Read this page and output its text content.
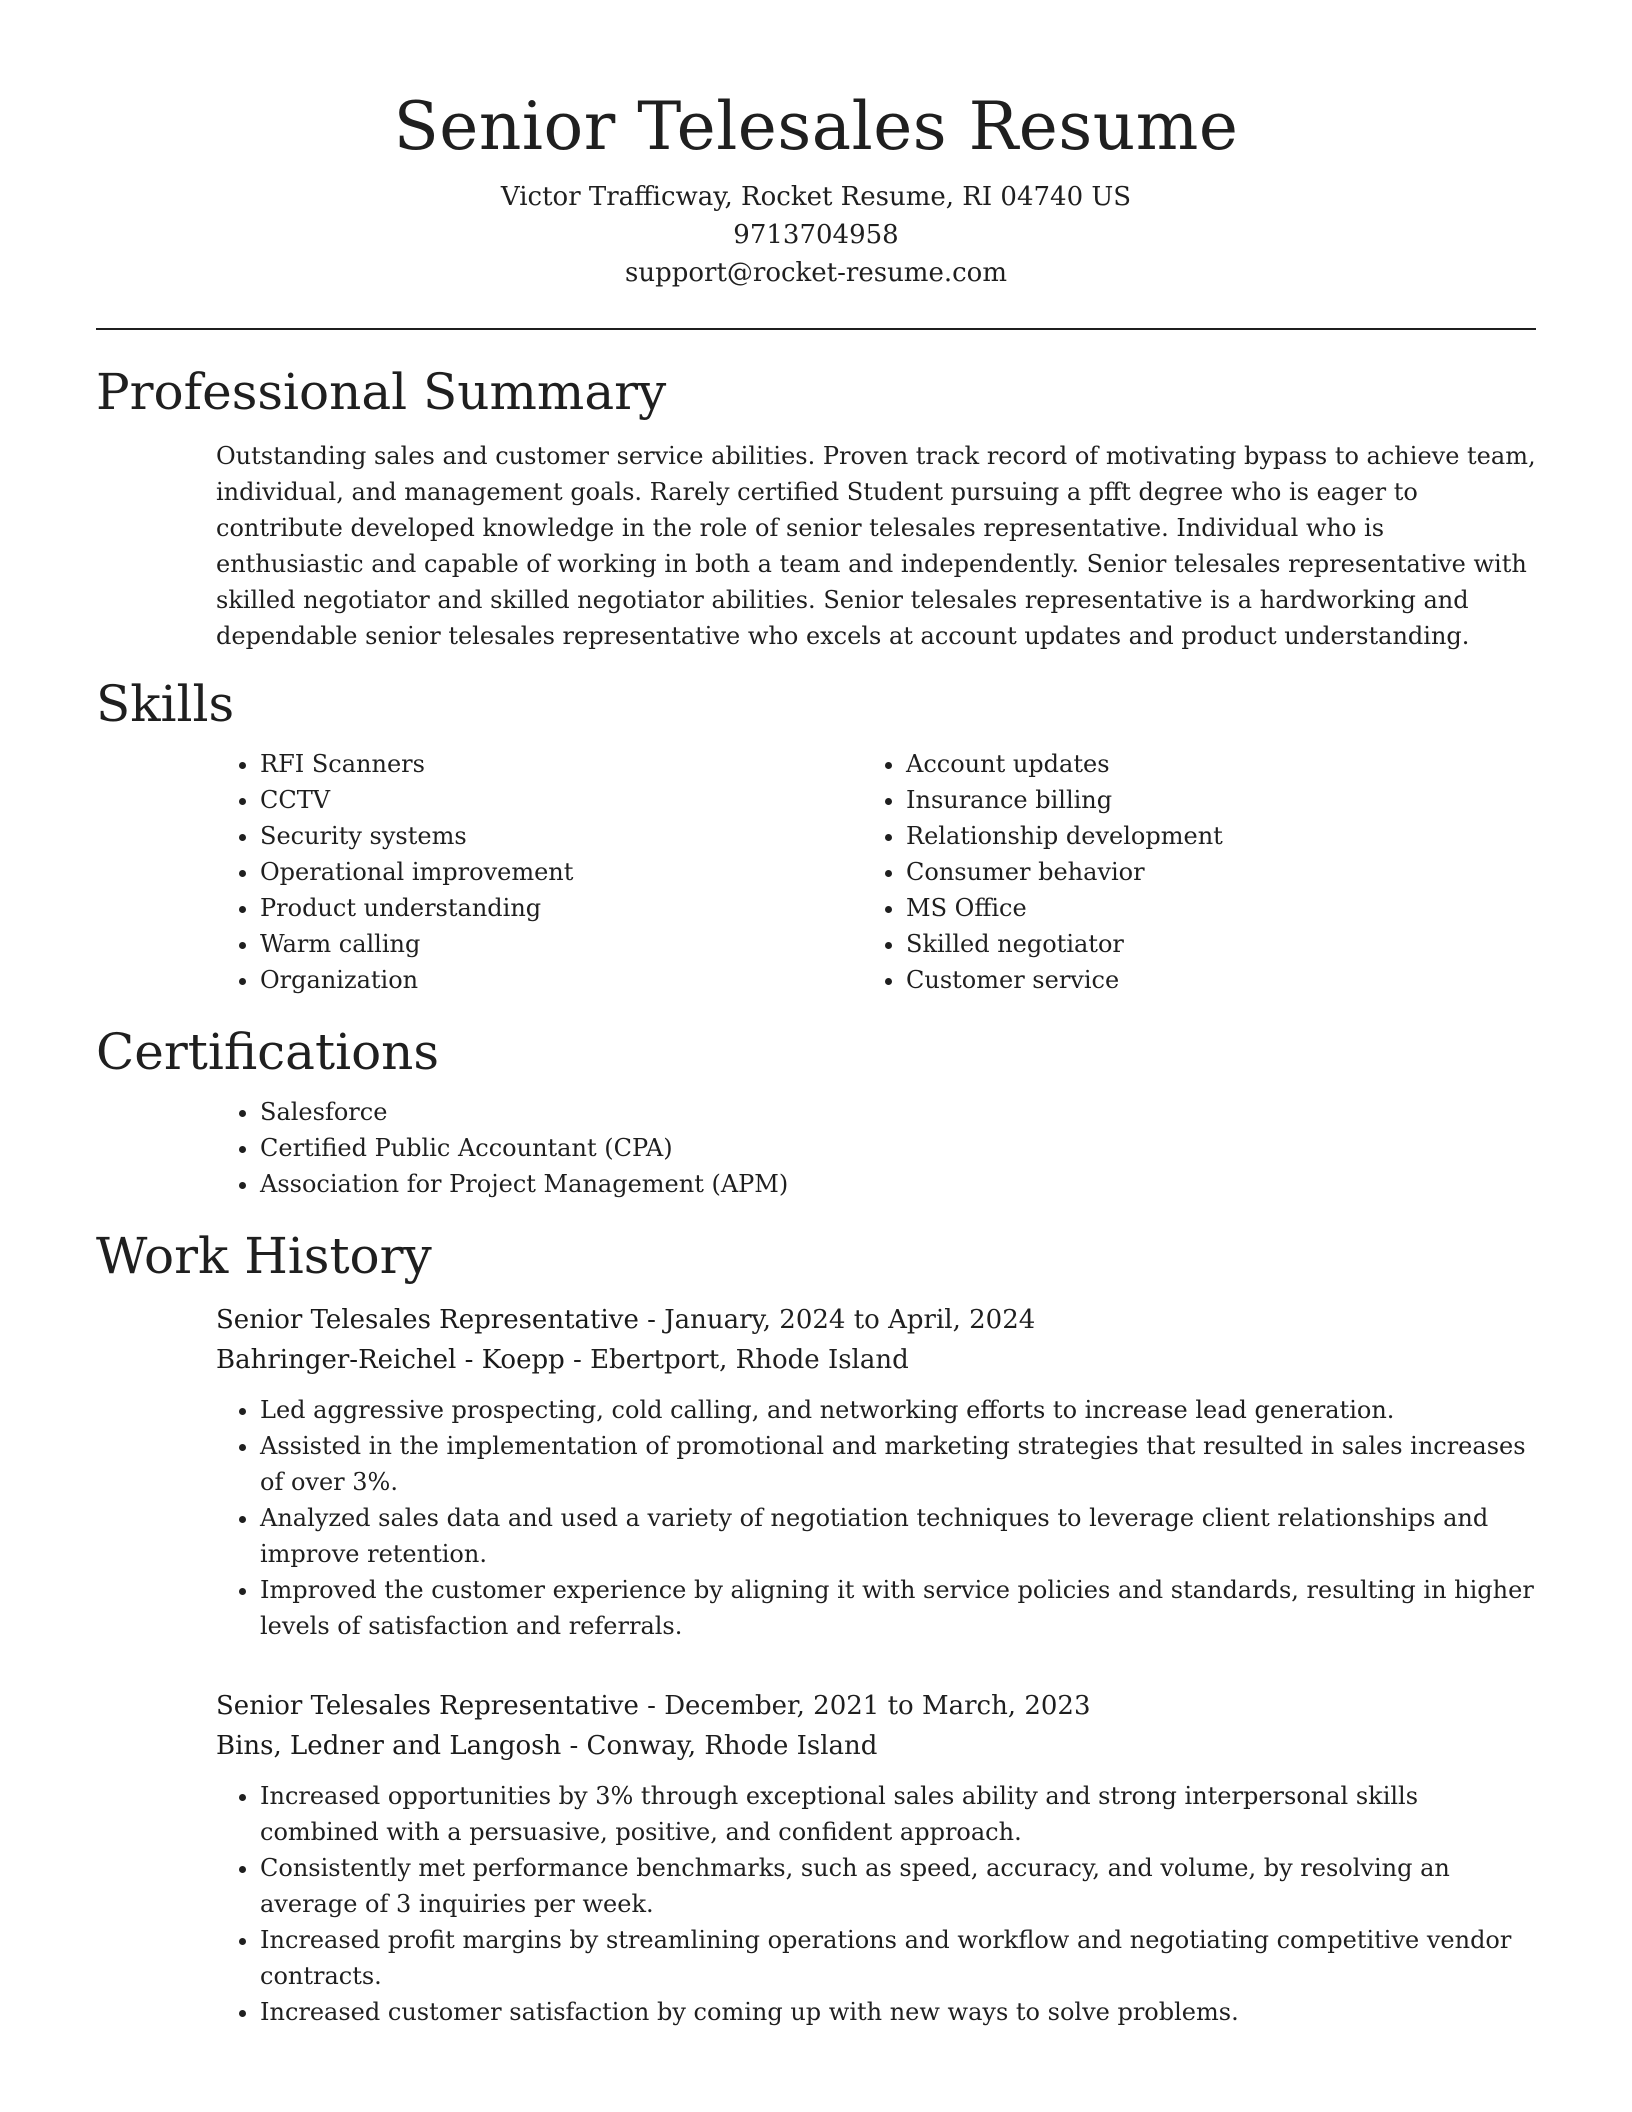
Senior Telesales Resume

Victor Trafficway, Rocket Resume, RI 04740 US

9713704958

support@rocket-resume.com

Professional Summary

Outstanding sales and customer service abilities. Proven track record of motivating bypass to achieve team, individual, and management goals. Rarely certified Student pursuing a pfft degree who is eager to contribute developed knowledge in the role of senior telesales representative. Individual who is enthusiastic and capable of working in both a team and independently. Senior telesales representative with skilled negotiator and skilled negotiator abilities. Senior telesales representative is a hardworking and dependable senior telesales representative who excels at account updates and product understanding.

Skills
• RFI Scanners
• CCTV
• Security systems
• Operational improvement
• Product understanding
• Warm calling
• Organization
• Account updates
• Insurance billing
• Relationship development
• Consumer behavior
• MS Office
• Skilled negotiator
• Customer service
Certifications
• Salesforce
• Certified Public Accountant (CPA)
• Association for Project Management (APM)
Work History

Senior Telesales Representative - January, 2024 to April, 2024

Bahringer-Reichel - Koepp - Ebertport, Rhode Island

• Led aggressive prospecting, cold calling, and networking efforts to increase lead generation.
• Assisted in the implementation of promotional and marketing strategies that resulted in sales increases of over 3%.
• Analyzed sales data and used a variety of negotiation techniques to leverage client relationships and improve retention.
• Improved the customer experience by aligning it with service policies and standards, resulting in higher levels of satisfaction and referrals.

Senior Telesales Representative - December, 2021 to March, 2023

Bins, Ledner and Langosh - Conway, Rhode Island

• Increased opportunities by 3% through exceptional sales ability and strong interpersonal skills combined with a persuasive, positive, and confident approach.
• Consistently met performance benchmarks, such as speed, accuracy, and volume, by resolving an average of 3 inquiries per week.
• Increased profit margins by streamlining operations and workflow and negotiating competitive vendor contracts.
• Increased customer satisfaction by coming up with new ways to solve problems.
